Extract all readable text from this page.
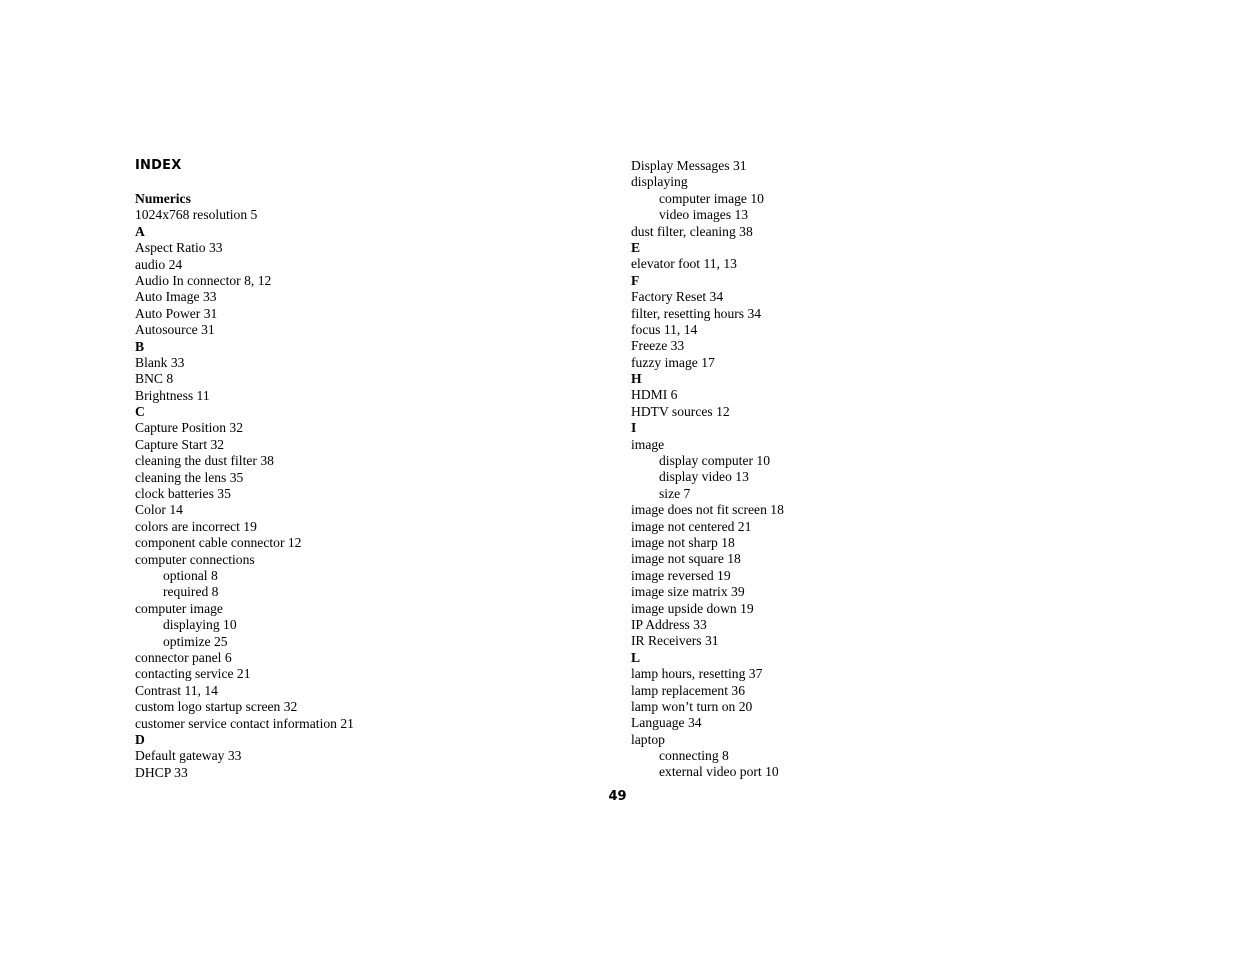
INDEX
Numerics
1024x768 resolution 5
A
Aspect Ratio 33
audio 24
Audio In connector 8, 12
Auto Image 33
Auto Power 31
Autosource 31
B
Blank 33
BNC 8
Brightness 11
C
Capture Position 32
Capture Start 32
cleaning the dust filter 38
cleaning the lens 35
clock batteries 35
Color 14
colors are incorrect 19
component cable connector 12
computer connections
optional 8
required 8
computer image
displaying 10
optimize 25
connector panel 6
contacting service 21
Contrast 11, 14
custom logo startup screen 32
customer service contact information 21
D
Default gateway 33
DHCP 33
Display Messages 31
displaying
computer image 10
video images 13
dust filter, cleaning 38
E
elevator foot 11, 13
F
Factory Reset 34
filter, resetting hours 34
focus 11, 14
Freeze 33
fuzzy image 17
H
HDMI 6
HDTV sources 12
I
image
display computer 10
display video 13
size 7
image does not fit screen 18
image not centered 21
image not sharp 18
image not square 18
image reversed 19
image size matrix 39
image upside down 19
IP Address 33
IR Receivers 31
L
lamp hours, resetting 37
lamp replacement 36
lamp won’t turn on 20
Language 34
laptop
connecting 8
external video port 10
49
